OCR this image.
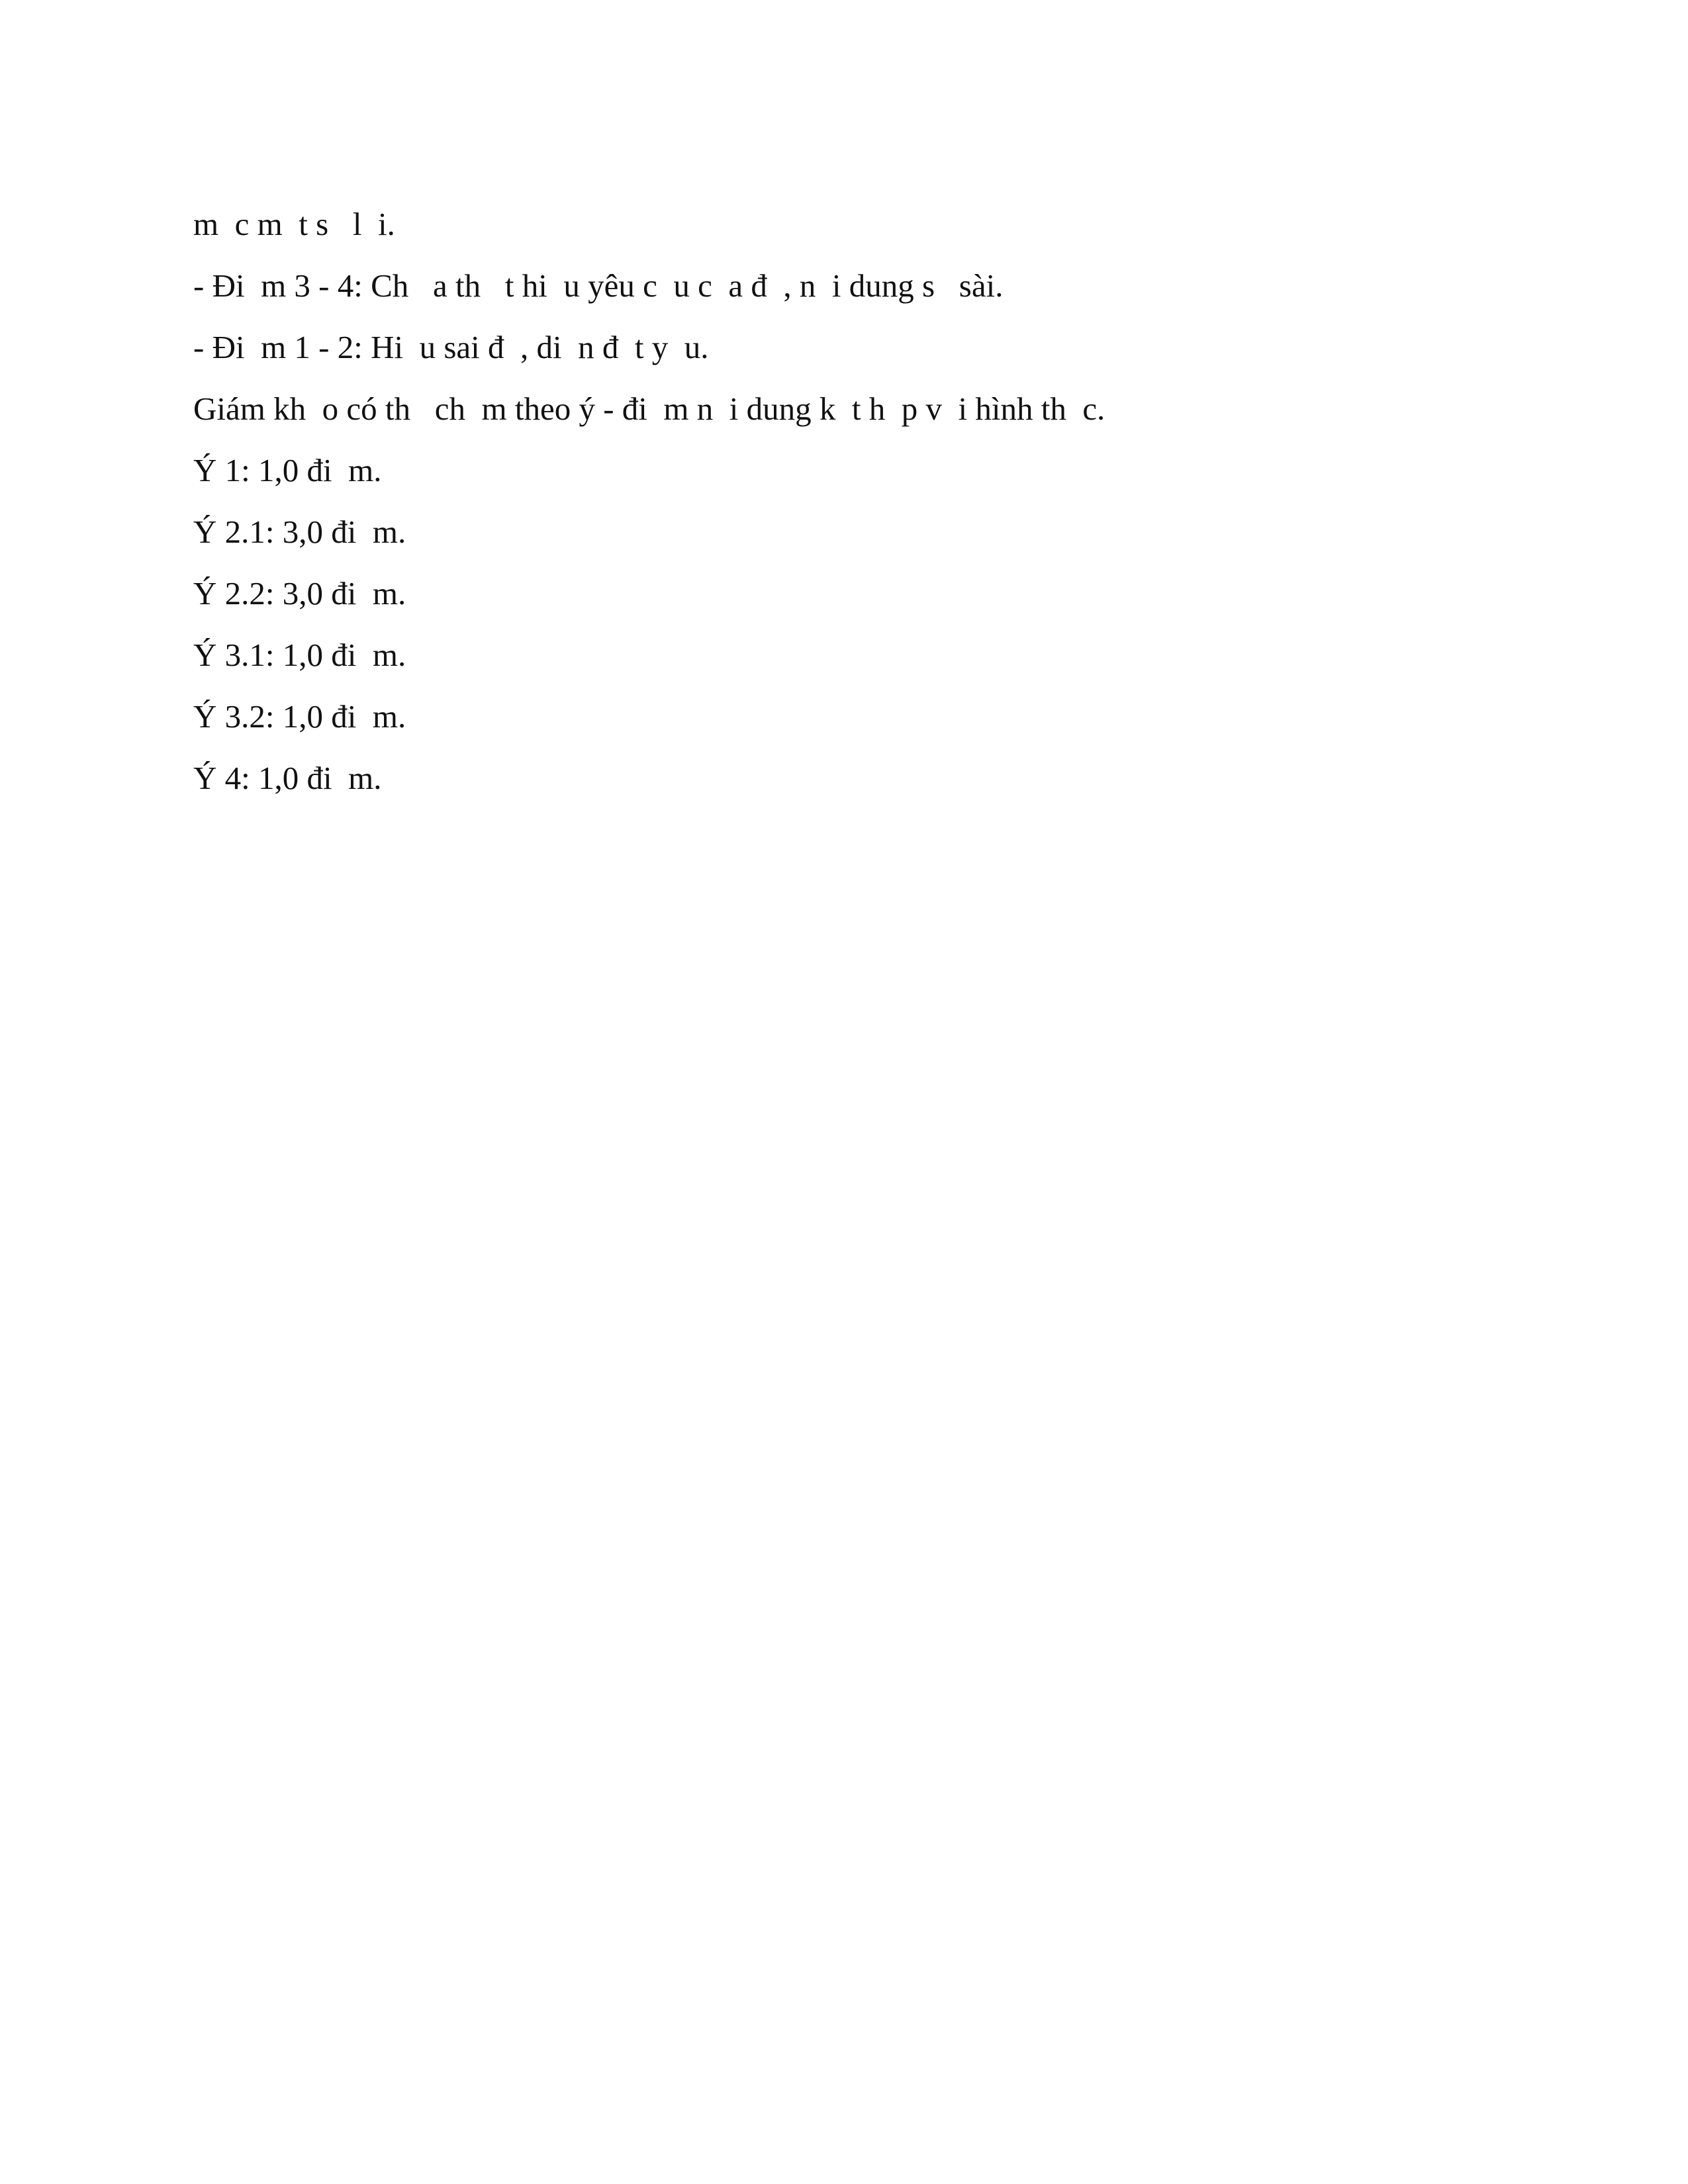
m  c m  t s   l  i.
- Đi  m 3 - 4: Ch   a th   t hi  u yêu c  u c  a đ  , n  i dung s   sài.
- Đi  m 1 - 2: Hi  u sai đ  , di  n đ  t y  u.
Giám kh  o có th   ch  m theo ý - đi  m n  i dung k  t h  p v  i hình th  c.
Ý 1: 1,0 đi  m.
Ý 2.1: 3,0 đi  m.
Ý 2.2: 3,0 đi  m.
Ý 3.1: 1,0 đi  m.
Ý 3.2: 1,0 đi  m.
Ý 4: 1,0 đi  m.
